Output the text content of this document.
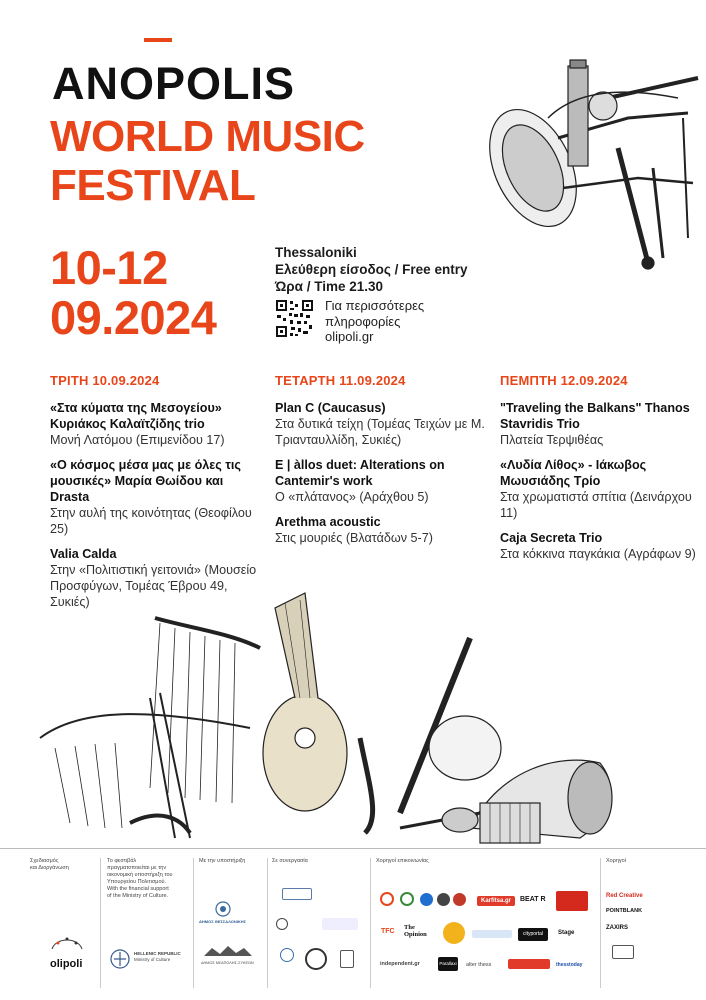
ANOPOLIS
WORLD MUSIC
FESTIVAL
10-12
09.2024
Thessaloniki
Ελεύθερη είσοδος / Free entry
Ώρα / Time 21.30
Για περισσότερες
πληροφορίες
olipoli.gr
ΤΡΙΤΗ 10.09.2024
«Στα κύματα της Μεσογείου» Κυριάκος Καλαϊτζίδης trio
Μονή Λατόμου (Επιμενίδου 17)
«Ο κόσμος μέσα μας με όλες τις μουσικές» Μαρία Θωίδου και Drasta
Στην αυλή της κοινότητας (Θεοφίλου 25)
Valia Calda
Στην «Πολιτιστική γειτονιά» (Μουσείο Προσφύγων, Τομέας Έβρου 49, Συκιές)
ΤΕΤΑΡΤΗ 11.09.2024
Plan C (Caucasus)
Στα δυτικά τείχη (Τομέας Τειχών με Μ. Τριανταυλλίδη, Συκιές)
E | àllos duet: Alterations on Cantemir's work
Ο «πλάτανος» (Αράχθου 5)
Arethma acoustic
Στις μουριές (Βλατάδων 5-7)
ΠΕΜΠΤΗ 12.09.2024
"Traveling the Balkans" Thanos Stavridis Trio
Πλατεία Τερψιθέας
«Λυδία Λίθος» - Ιάκωβος Μωυσιάδης Τρίο
Στα χρωματιστά σπίτια (Δεινάρχου 11)
Caja Secreta Trio
Στα κόκκινα παγκάκια (Αγράφων 9)
Σχεδιασμός
και Διοργάνωση
olipoli
Το φεστιβάλ
πραγματοποιείται με την
οικονομική υποστήριξη του
Υπουργείου Πολιτισμού.
With the financial support
of the Ministry of Culture.
HELLENIC REPUBLIC
Ministry of Culture
Με την υποστήριξη
ΔΗΜΟΣ ΘΕΣΣΑΛΟΝΙΚΗΣ
ΔΗΜΟΣ ΝΕΑΠΟΛΗΣ-ΣΥΚΕΩΝ
Σε συνεργασία	Χορηγοί επικοινωνίας
Karfitsa.gr	BEAT R
TFC
The Opinion	cityportal	Stage
independent.gr	Parallaxi alter thess	thesstoday
Χορηγοί
Red Creative
POINTBLANK
ZAXIRS
